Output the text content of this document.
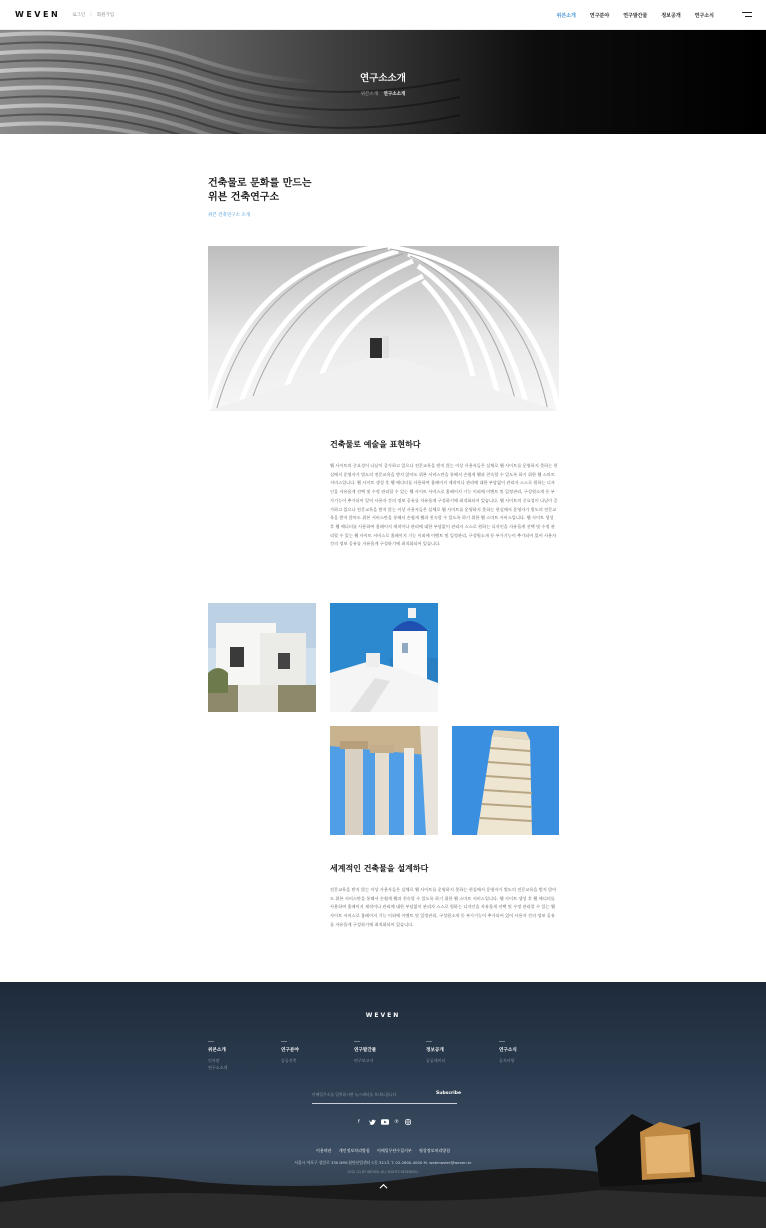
WEVEN	로그인 | 회원가입	위븐소개	연구분야	연구발간물	정보공개	연구소식
연구소소개
위븐소개 연구소소개
건축물로 문화를 만드는
위븐 건축연구소
위븐 건축연구소 소개
건축물로 예술을 표현하다
웹 사이트의 중요성이 나날이 증가하고 있으나 전문교육을 받지 않는 이상 사용자들은 실체로 웹 사이트를 운영하지 못하는 현실에서 운영자가 별도의 전문교육을 받지 않아도 위븐 서비스만을 통해서 손쉽게 웹과 친숙할 수 있도록 하기 위한 웹 스마트 서비스입니다. 웹 사이트 생성 후 웹 에디터를 사용하여 홈페이지 제작이나 관리에 대한 부담없이 관리자 스스로 원하는 디자인을 자유롭게 선택 및 수정 관리할 수 있는 웹 사이트 서비스로 홈페이지 기능 이외에 이벤트 및 일정관리, 구성원소개 등 부가기능이 추가되어 있어 사용자 간의 정보 공유를 자유롭게 구성하기에 최적화되어 있습니다. 웹 사이트의 중요성이 나날이 증가하고 있으나 전문교육을 받지 않는 이상 사용자들은 실체로 웹 사이트를 운영하지 못하는 현실에서 운영자가 별도의 전문교육을 받지 않아도 위븐 서비스만을 통해서 손쉽게 웹과 친숙할 수 있도록 하기 위한 웹 스마트 서비스입니다. 웹 사이트 생성 후 웹 에디터를 사용하여 홈페이지 제작이나 관리에 대한 부담없이 관리자 스스로 원하는 디자인을 자유롭게 선택 및 수정 관리할 수 있는 웹 사이트 서비스로 홈페이지 기능 이외에 이벤트 및 일정관리, 구성원소개 등 부가기능이 추가되어 있어 사용자 간의 정보 공유를 자유롭게 구성하기에 최적화되어 있습니다.
세계적인 건축물을 설계하다
전문교육을 받지 않는 이상 사용자들은 실체로 웹 사이트를 운영하지 못하는 현실에서 운영자가 별도의 전문교육을 받지 않아도 위븐 서비스만을 통해서 손쉽게 웹과 친숙할 수 있도록 하기 위한 웹 스마트 서비스입니다. 웹 사이트 생성 후 웹 에디터를 사용하여 홈페이지 제작이나 관리에 대한 부담없이 관리자 스스로 원하는 디자인을 자유롭게 선택 및 수정 관리할 수 있는 웹 사이트 서비스로 홈페이지 기능 이외에 이벤트 및 일정관리, 구성원소개 등 부가기능이 추가되어 있어 사용자 간의 정보 공유를 자유롭게 구성하기에 최적화되어 있습니다.
WEVEN
위븐소개
인사말
연구소소개
연구분야
공공건축
연구발간물
연구보고서
정보공개
공공데이터
연구소식
공지사항
이메일주소를 입력하시면 뉴스레터를 보내드립니다	Subscribe
f	℗
이용약관 개인정보처리방침 이메일무단수집거부 영상정보처리방침
서울시 마포구 성암로 330 DMC첨단산업센터 C동 321호 T. 02-2600-4000 M. webmaster@weven.kr
2022 (C) BY WEVEN. ALL RIGHTS RESERVED.
